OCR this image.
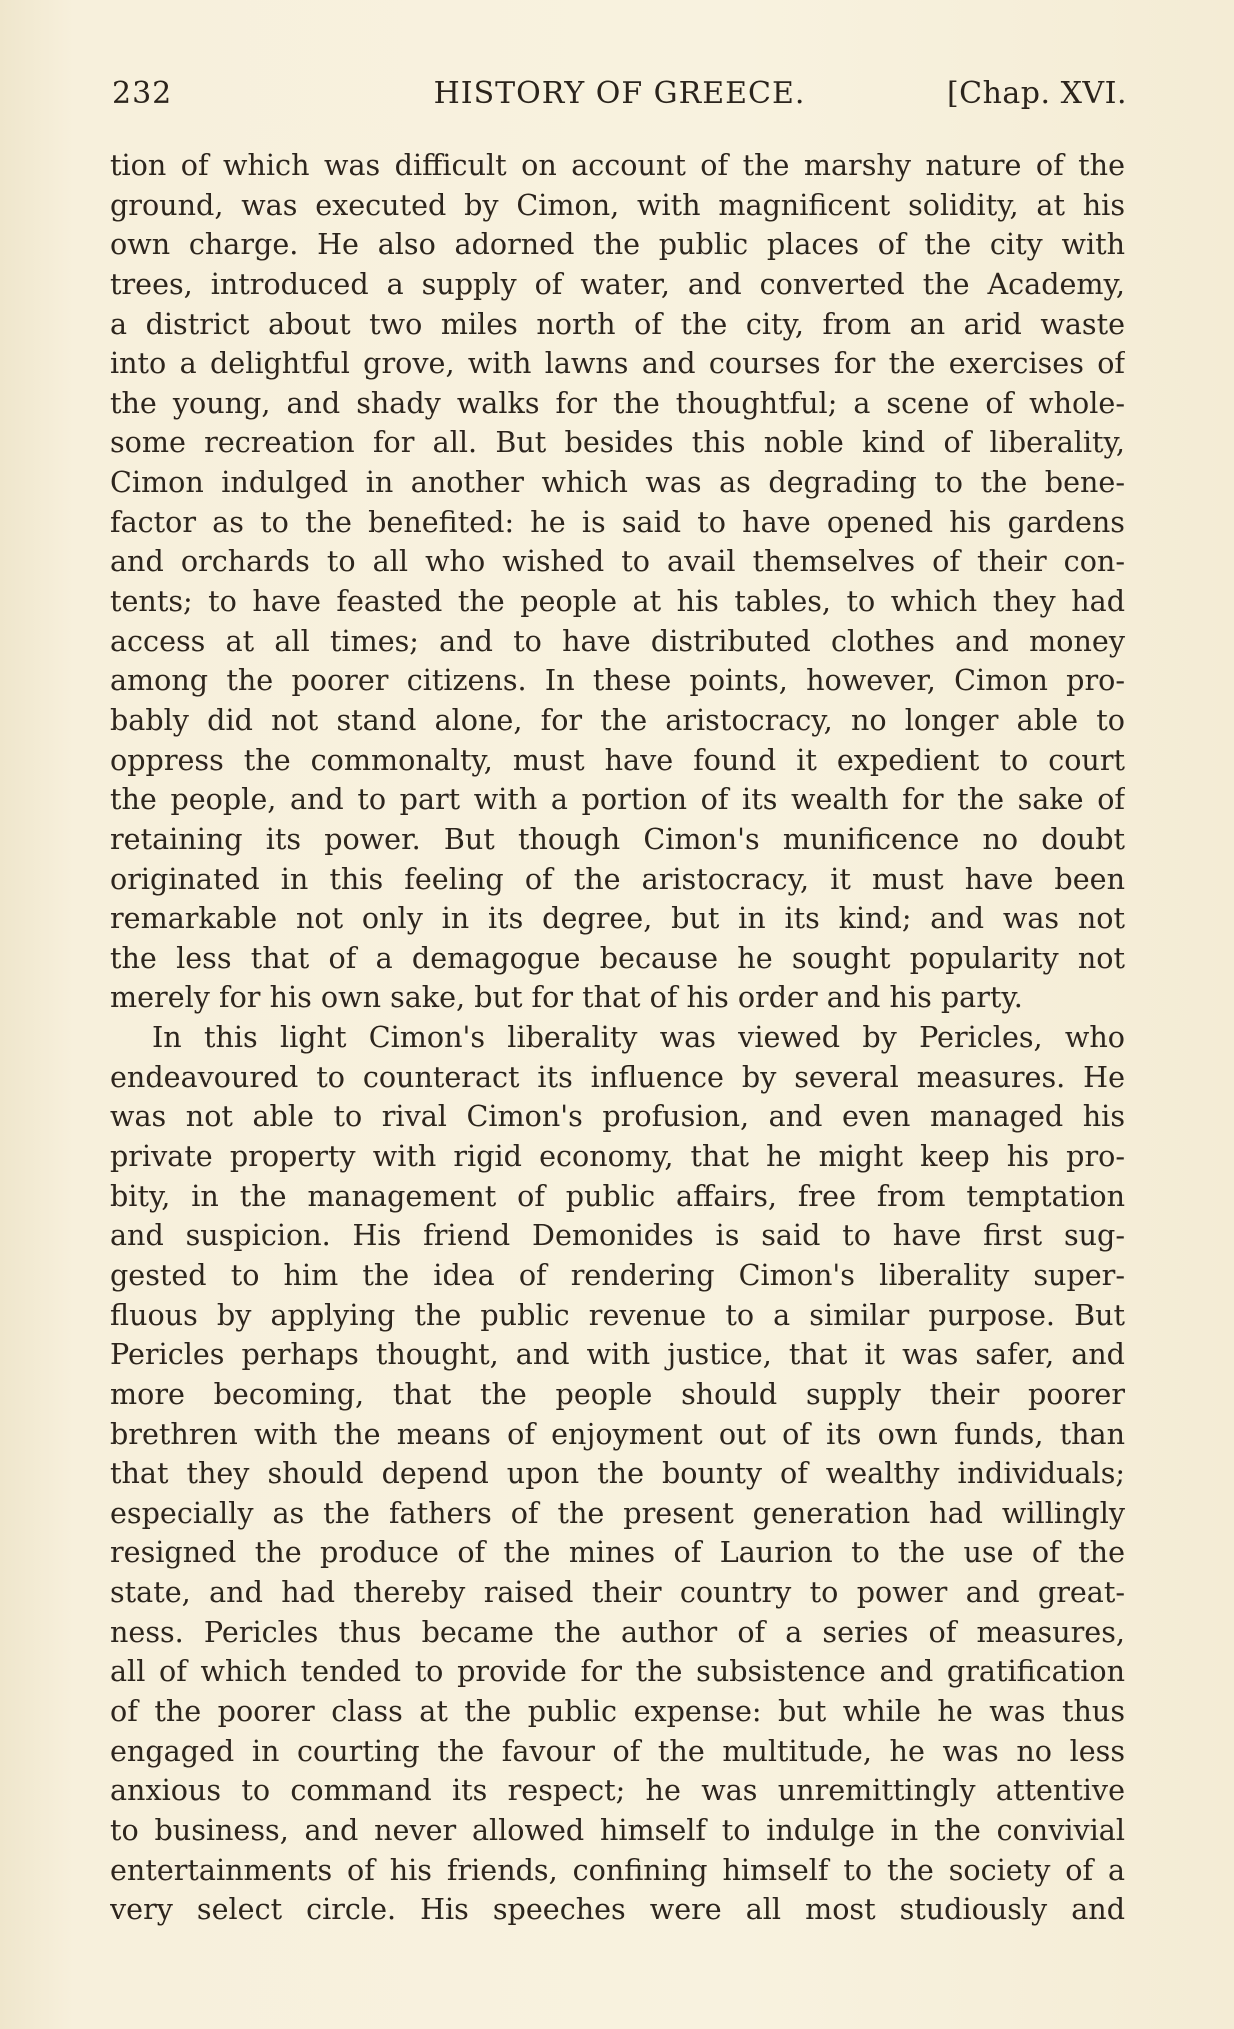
232	HISTORY OF GREECE.	[Chap. XVI.
tion of which was difficult on account of the marshy nature of the
ground, was executed by Cimon, with magnificent solidity, at his
own charge. He also adorned the public places of the city with
trees, introduced a supply of water, and converted the Academy,
a district about two miles north of the city, from an arid waste
into a delightful grove, with lawns and courses for the exercises of
the young, and shady walks for the thoughtful; a scene of whole-
some recreation for all. But besides this noble kind of liberality,
Cimon indulged in another which was as degrading to the bene-
factor as to the benefited: he is said to have opened his gardens
and orchards to all who wished to avail themselves of their con-
tents; to have feasted the people at his tables, to which they had
access at all times; and to have distributed clothes and money
among the poorer citizens. In these points, however, Cimon pro-
bably did not stand alone, for the aristocracy, no longer able to
oppress the commonalty, must have found it expedient to court
the people, and to part with a portion of its wealth for the sake of
retaining its power. But though Cimon's munificence no doubt
originated in this feeling of the aristocracy, it must have been
remarkable not only in its degree, but in its kind; and was not
the less that of a demagogue because he sought popularity not
merely for his own sake, but for that of his order and his party.
In this light Cimon's liberality was viewed by Pericles, who
endeavoured to counteract its influence by several measures. He
was not able to rival Cimon's profusion, and even managed his
private property with rigid economy, that he might keep his pro-
bity, in the management of public affairs, free from temptation
and suspicion. His friend Demonides is said to have first sug-
gested to him the idea of rendering Cimon's liberality super-
fluous by applying the public revenue to a similar purpose. But
Pericles perhaps thought, and with justice, that it was safer, and
more becoming, that the people should supply their poorer
brethren with the means of enjoyment out of its own funds, than
that they should depend upon the bounty of wealthy individuals;
especially as the fathers of the present generation had willingly
resigned the produce of the mines of Laurion to the use of the
state, and had thereby raised their country to power and great-
ness. Pericles thus became the author of a series of measures,
all of which tended to provide for the subsistence and gratification
of the poorer class at the public expense: but while he was thus
engaged in courting the favour of the multitude, he was no less
anxious to command its respect; he was unremittingly attentive
to business, and never allowed himself to indulge in the convivial
entertainments of his friends, confining himself to the society of a
very select circle. His speeches were all most studiously and
